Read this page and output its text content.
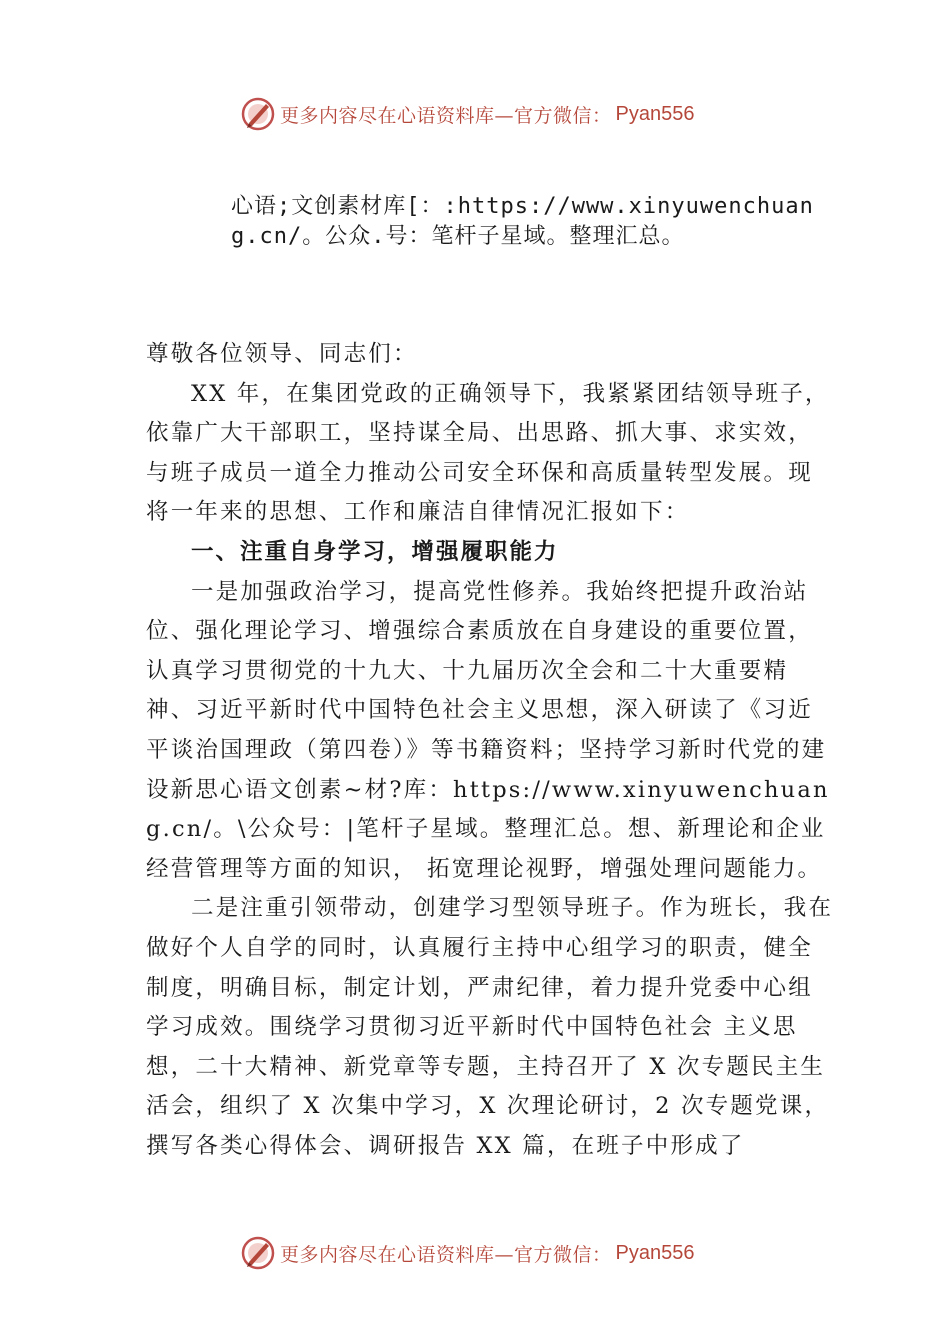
更多内容尽在心语资料库—官方微信： Pyan556
心语;文创素材库[：:https://www.xinyuwenchuang.cn/。公众.号：笔杆子星域。整理汇总。

尊敬各位领导、同志们：

XX 年，在集团党政的正确领导下，我紧紧团结领导班子，依靠广大干部职工，坚持谋全局、出思路、抓大事、求实效，与班子成员一道全力推动公司安全环保和高质量转型发展。现将一年来的思想、工作和廉洁自律情况汇报如下：

一、注重自身学习，增强履职能力

一是加强政治学习，提高党性修养。我始终把提升政治站位、强化理论学习、增强综合素质放在自身建设的重要位置，认真学习贯彻党的十九大、十九届历次全会和二十大重要精神、习近平新时代中国特色社会主义思想，深入研读了《习近平谈治国理政（第四卷）》等书籍资料；坚持学习新时代党的建设新思心语文创素~材?库：https://www.xinyuwenchuang.cn/。\公众号：|笔杆子星域。整理汇总。想、新理论和企业经营管理等方面的知识， 拓宽理论视野，增强处理问题能力。

二是注重引领带动，创建学习型领导班子。作为班长，我在做好个人自学的同时，认真履行主持中心组学习的职责，健全制度，明确目标，制定计划，严肃纪律，着力提升党委中心组学习成效。围绕学习贯彻习近平新时代中国特色社会 主义思想，二十大精神、新党章等专题，主持召开了 X 次专题民主生活会，组织了 X 次集中学习，X 次理论研讨，2 次专题党课，撰写各类心得体会、调研报告 XX 篇，在班子中形成了

更多内容尽在心语资料库—官方微信： Pyan556
